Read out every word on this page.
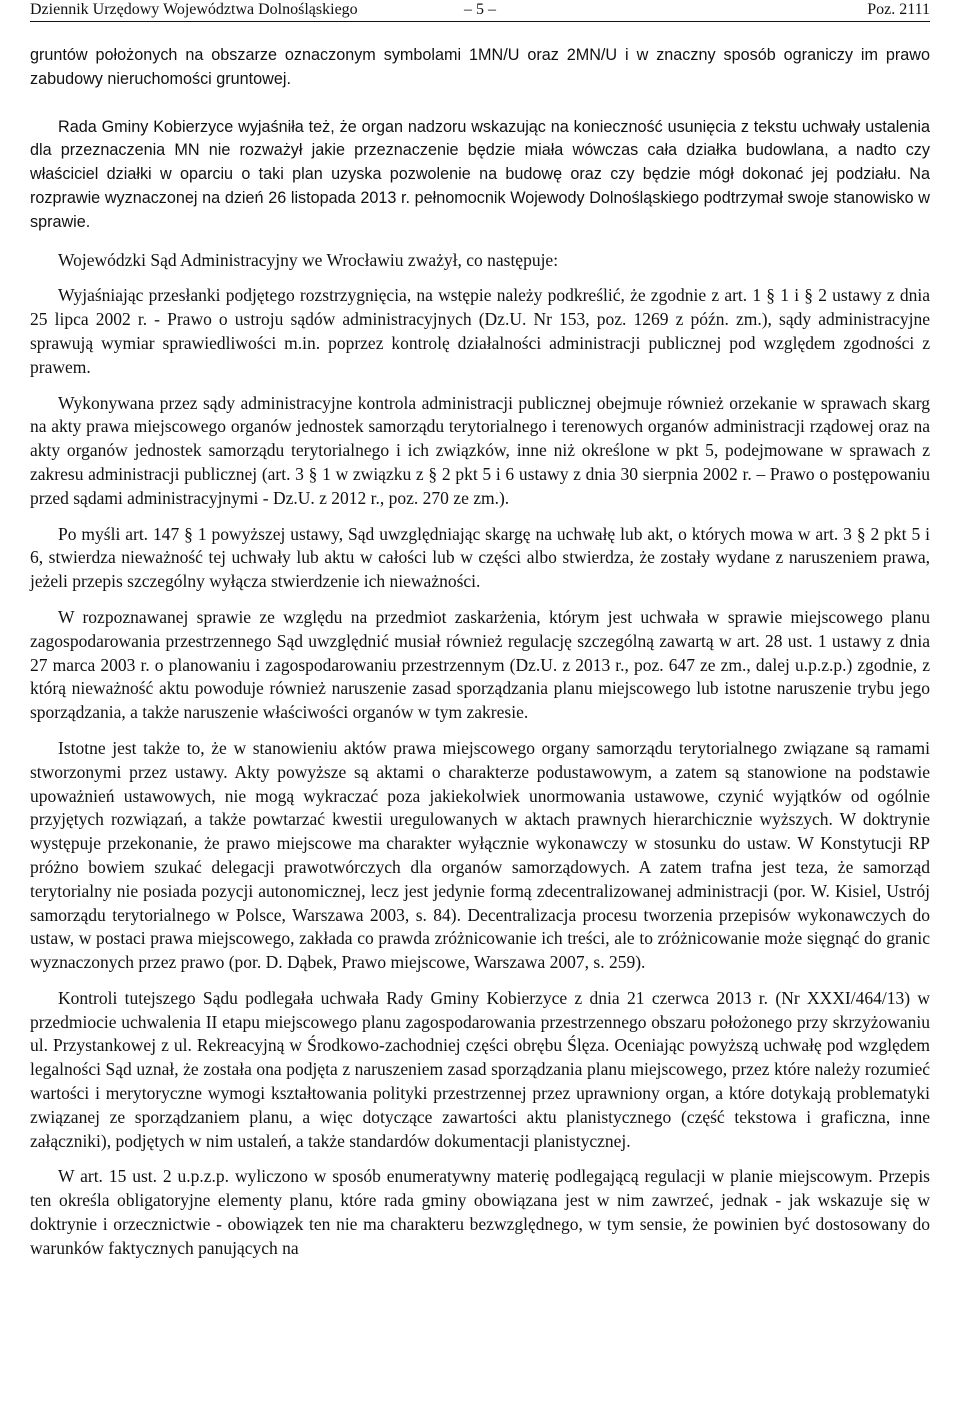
Dziennik Urzędowy Województwa Dolnośląskiego	– 5 –	Poz. 2111

gruntów położonych na obszarze oznaczonym symbolami 1MN/U oraz 2MN/U i w znaczny sposób ograniczy im prawo zabudowy nieruchomości gruntowej.

Rada Gminy Kobierzyce wyjaśniła też, że organ nadzoru wskazując na konieczność usunięcia z tekstu uchwały ustalenia dla przeznaczenia MN nie rozważył jakie przeznaczenie będzie miała wówczas cała działka budowlana, a nadto czy właściciel działki w oparciu o taki plan uzyska pozwolenie na budowę oraz czy będzie mógł dokonać jej podziału. Na rozprawie wyznaczonej na dzień 26 listopada 2013 r. pełnomocnik Wojewody Dolnośląskiego podtrzymał swoje stanowisko w sprawie.

Wojewódzki Sąd Administracyjny we Wrocławiu zważył, co następuje:

Wyjaśniając przesłanki podjętego rozstrzygnięcia, na wstępie należy podkreślić, że zgodnie z art. 1 § 1 i § 2 ustawy z dnia 25 lipca 2002 r. - Prawo o ustroju sądów administracyjnych (Dz.U. Nr 153, poz. 1269 z późn. zm.), sądy administracyjne sprawują wymiar sprawiedliwości m.in. poprzez kontrolę działalności administracji publicznej pod względem zgodności z prawem.

Wykonywana przez sądy administracyjne kontrola administracji publicznej obejmuje również orzekanie w sprawach skarg na akty prawa miejscowego organów jednostek samorządu terytorialnego i terenowych organów administracji rządowej oraz na akty organów jednostek samorządu terytorialnego i ich związków, inne niż określone w pkt 5, podejmowane w sprawach z zakresu administracji publicznej (art. 3 § 1 w związku z § 2 pkt 5 i 6 ustawy z dnia 30 sierpnia 2002 r. – Prawo o postępowaniu przed sądami administracyjnymi - Dz.U. z 2012 r., poz. 270 ze zm.).

Po myśli art. 147 § 1 powyższej ustawy, Sąd uwzględniając skargę na uchwałę lub akt, o których mowa w art. 3 § 2 pkt 5 i 6, stwierdza nieważność tej uchwały lub aktu w całości lub w części albo stwierdza, że zostały wydane z naruszeniem prawa, jeżeli przepis szczególny wyłącza stwierdzenie ich nieważności.

W rozpoznawanej sprawie ze względu na przedmiot zaskarżenia, którym jest uchwała w sprawie miejscowego planu zagospodarowania przestrzennego Sąd uwzględnić musiał również regulację szczególną zawartą w art. 28 ust. 1 ustawy z dnia 27 marca 2003 r. o planowaniu i zagospodarowaniu przestrzennym (Dz.U. z 2013 r., poz. 647 ze zm., dalej u.p.z.p.) zgodnie, z którą nieważność aktu powoduje również naruszenie zasad sporządzania planu miejscowego lub istotne naruszenie trybu jego sporządzania, a także naruszenie właściwości organów w tym zakresie.

Istotne jest także to, że w stanowieniu aktów prawa miejscowego organy samorządu terytorialnego związane są ramami stworzonymi przez ustawy. Akty powyższe są aktami o charakterze podustawowym, a zatem są stanowione na podstawie upoważnień ustawowych, nie mogą wykraczać poza jakiekolwiek unormowania ustawowe, czynić wyjątków od ogólnie przyjętych rozwiązań, a także powtarzać kwestii uregulowanych w aktach prawnych hierarchicznie wyższych. W doktrynie występuje przekonanie, że prawo miejscowe ma charakter wyłącznie wykonawczy w stosunku do ustaw. W Konstytucji RP próżno bowiem szukać delegacji prawotwórczych dla organów samorządowych. A zatem trafna jest teza, że samorząd terytorialny nie posiada pozycji autonomicznej, lecz jest jedynie formą zdecentralizowanej administracji (por. W. Kisiel, Ustrój samorządu terytorialnego w Polsce, Warszawa 2003, s. 84). Decentralizacja procesu tworzenia przepisów wykonawczych do ustaw, w postaci prawa miejscowego, zakłada co prawda zróżnicowanie ich treści, ale to zróżnicowanie może sięgnąć do granic wyznaczonych przez prawo (por. D. Dąbek, Prawo miejscowe, Warszawa 2007, s. 259).

Kontroli tutejszego Sądu podlegała uchwała Rady Gminy Kobierzyce z dnia 21 czerwca 2013 r. (Nr XXXI/464/13) w przedmiocie uchwalenia II etapu miejscowego planu zagospodarowania przestrzennego obszaru położonego przy skrzyżowaniu ul. Przystankowej z ul. Rekreacyjną w Środkowo-zachodniej części obrębu Ślęza. Oceniając powyższą uchwałę pod względem legalności Sąd uznał, że została ona podjęta z naruszeniem zasad sporządzania planu miejscowego, przez które należy rozumieć wartości i merytoryczne wymogi kształtowania polityki przestrzennej przez uprawniony organ, a które dotykają problematyki związanej ze sporządzaniem planu, a więc dotyczące zawartości aktu planistycznego (część tekstowa i graficzna, inne załączniki), podjętych w nim ustaleń, a także standardów dokumentacji planistycznej.

W art. 15 ust. 2 u.p.z.p. wyliczono w sposób enumeratywny materię podlegającą regulacji w planie miejscowym. Przepis ten określa obligatoryjne elementy planu, które rada gminy obowiązana jest w nim zawrzeć, jednak - jak wskazuje się w doktrynie i orzecznictwie - obowiązek ten nie ma charakteru bezwzględnego, w tym sensie, że powinien być dostosowany do warunków faktycznych panujących na
